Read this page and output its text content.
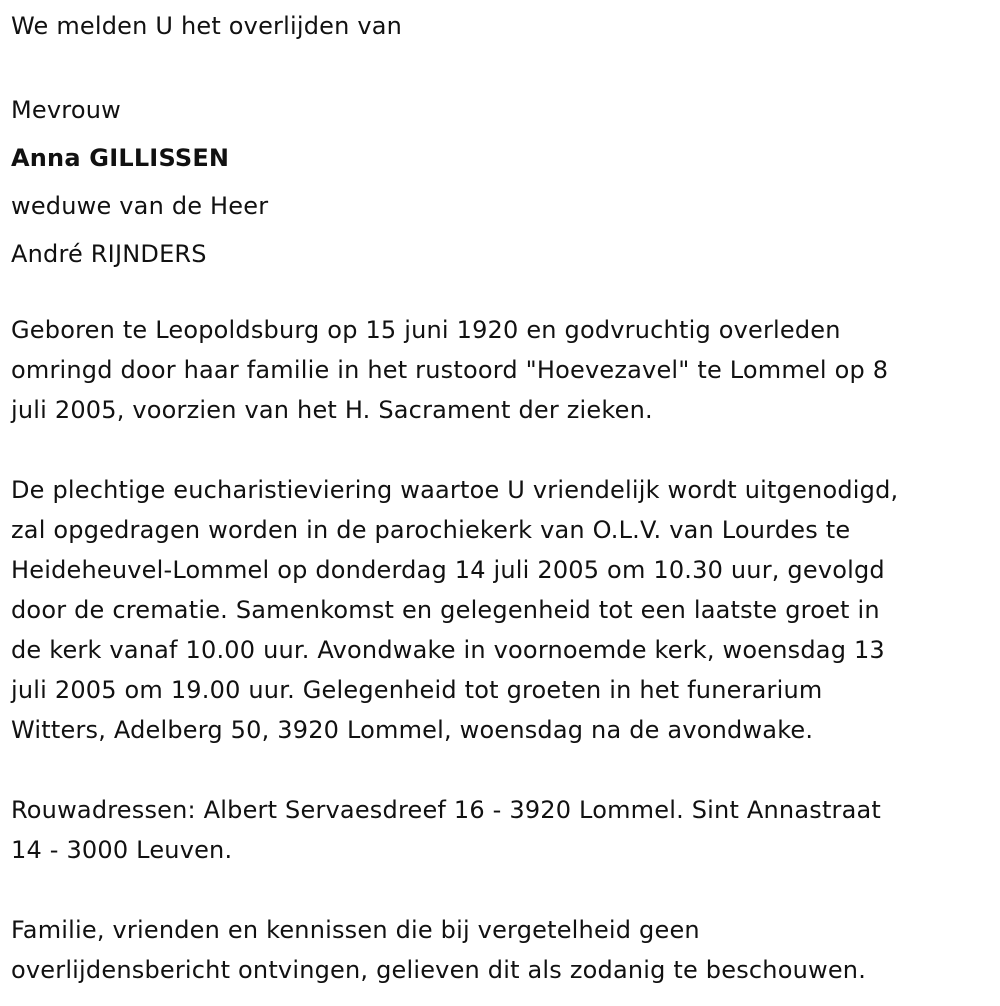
We melden U het overlijden van

Mevrouw
Anna GILLISSEN
weduwe van de Heer
André RIJNDERS

Geboren te Leopoldsburg op 15 juni 1920 en godvruchtig overleden
omringd door haar familie in het rustoord "Hoevezavel" te Lommel op 8
juli 2005, voorzien van het H. Sacrament der zieken.

De plechtige eucharistieviering waartoe U vriendelijk wordt uitgenodigd,
zal opgedragen worden in de parochiekerk van O.L.V. van Lourdes te
Heideheuvel-Lommel op donderdag 14 juli 2005 om 10.30 uur, gevolgd
door de crematie. Samenkomst en gelegenheid tot een laatste groet in
de kerk vanaf 10.00 uur. Avondwake in voornoemde kerk, woensdag 13
juli 2005 om 19.00 uur. Gelegenheid tot groeten in het funerarium
Witters, Adelberg 50, 3920 Lommel, woensdag na de avondwake.

Rouwadressen: Albert Servaesdreef 16 - 3920 Lommel. Sint Annastraat
14 - 3000 Leuven.

Familie, vrienden en kennissen die bij vergetelheid geen
overlijdensbericht ontvingen, gelieven dit als zodanig te beschouwen.
